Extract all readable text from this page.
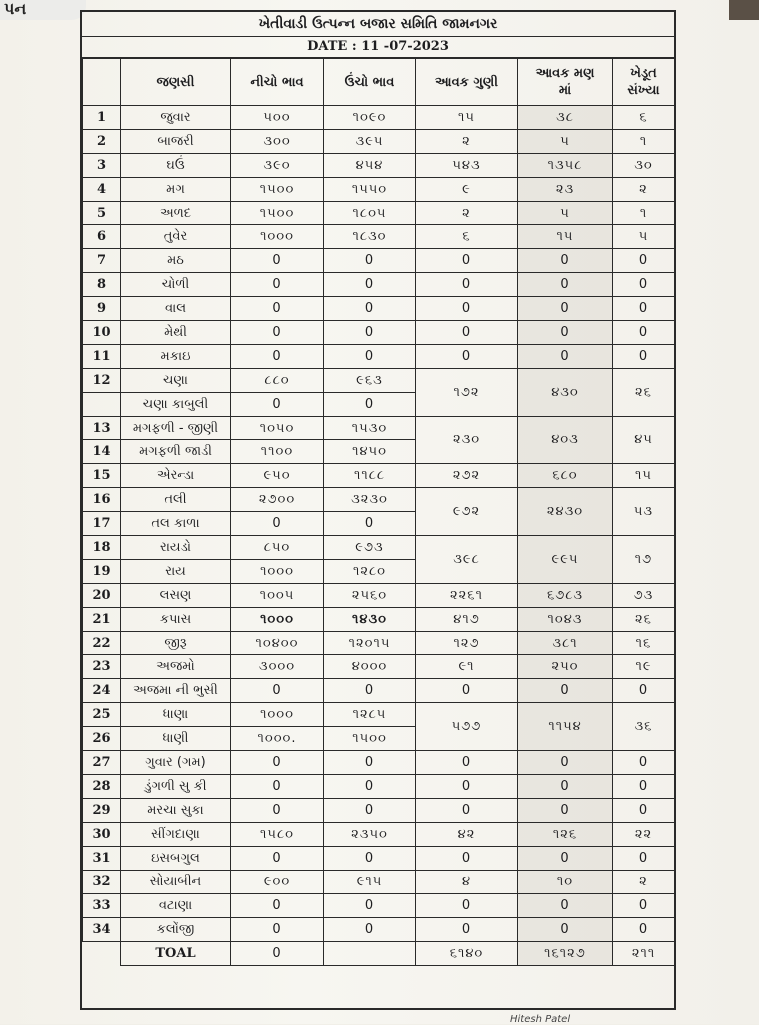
પન
ખેતીવાડી ઉત્પન્ન બજાર સમિતિ જામનગર
DATE : 11 -07-2023
	જણસી	નીચો ભાવ	ઉંચો ભાવ	આવક ગુણી	આવક મણ
માં	ખેડૂત
સંખ્યા
1	જુવાર	૫૦૦	૧૦૯૦	૧૫	૩૮	૬
2	બાજરી	૩૦૦	૩૯૫	૨	૫	૧
3	ઘઉં	૩૯૦	૪૫૪	૫૪૩	૧૩૫૮	૩૦
4	મગ	૧૫૦૦	૧૫૫૦	૯	૨૩	૨
5	અળદ	૧૫૦૦	૧૮૦૫	૨	૫	૧
6	તુવેર	૧૦૦૦	૧૮૩૦	૬	૧૫	૫
7	મઠ	0	0	0	0	0
8	ચોળી	0	0	0	0	0
9	વાલ	0	0	0	0	0
10	મેથી	0	0	0	0	0
11	મકાઇ	0	0	0	0	0
12	ચણા	૮૮૦	૯૬૩	૧૭૨	૪૩૦	૨૬
	ચણા કાબુલી	0	0			
13	મગફળી - જીણી	૧૦૫૦	૧૫૩૦	૨૩૦	૪૦૩	૪૫
14	મગફળી જાડી	૧૧૦૦	૧૪૫૦			
15	એરન્ડા	૯૫૦	૧૧૮૮	૨૭૨	૬૮૦	૧૫
16	તલી	૨૭૦૦	૩૨૩૦	૯૭૨	૨૪૩૦	૫૩
17	તલ કાળા	0	0			
18	રાયડો	૮૫૦	૯૭૩	૩૯૮	૯૯૫	૧૭
19	રાય	૧૦૦૦	૧૨૮૦			
20	લસણ	૧૦૦૫	૨૫૬૦	૨૨૬૧	૬૭૮૩	૭૩
21	કપાસ	૧૦૦૦	૧૪૩૦	૪૧૭	૧૦૪૩	૨૬
22	જીરૂ	૧૦૪૦૦	૧૨૦૧૫	૧૨૭	૩૮૧	૧૬
23	અજમો	૩૦૦૦	૪૦૦૦	૯૧	૨૫૦	૧૯
24	અજમા ની ભુસી	0	0	0	0	0
25	ધાણા	૧૦૦૦	૧૨૮૫	૫૭૭	૧૧૫૪	૩૬
26	ધાણી	૧૦૦૦.	૧૫૦૦			
27	ગુવાર (ગમ)	0	0	0	0	0
28	ડુંગળી સુ કી	0	0	0	0	0
29	મરચા સુકા	0	0	0	0	0
30	સીંગદાણા	૧૫૮૦	૨૩૫૦	૪૨	૧૨૬	૨૨
31	ઇસબગુલ	0	0	0	0	0
32	સોયાબીન	૯૦૦	૯૧૫	૪	૧૦	૨
33	વટાણા	0	0	0	0	0
34	કલોંજી	0	0	0	0	0
	TOAL	0		૬૧૪૦	૧૬૧૨૭	૨૧૧
Hitesh Patel
